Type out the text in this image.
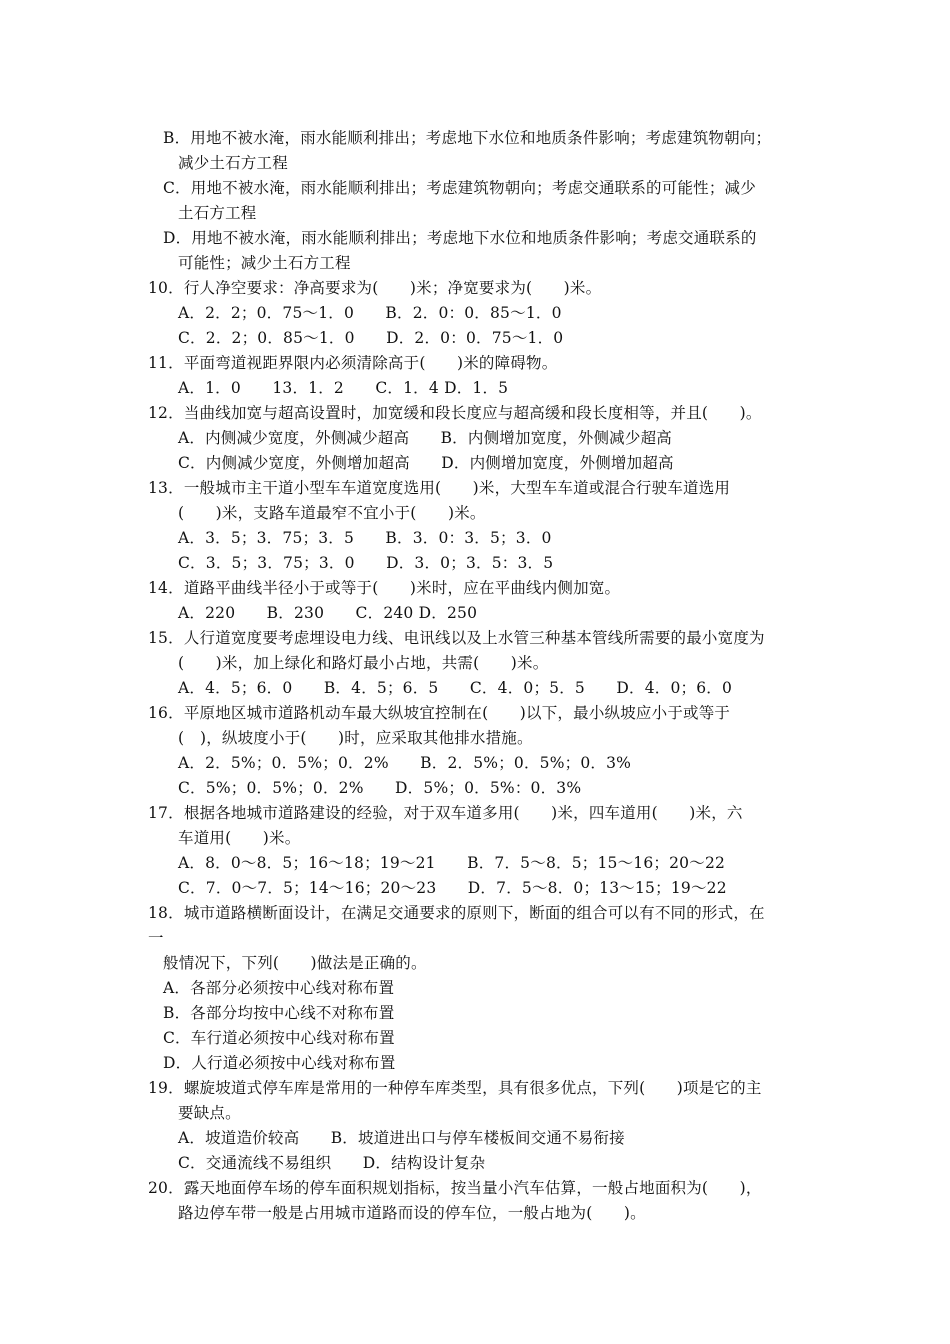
B．用地不被水淹，雨水能顺利排出；考虑地下水位和地质条件影响；考虑建筑物朝向；
减少土石方工程
C．用地不被水淹，雨水能顺利排出；考虑建筑物朝向；考虑交通联系的可能性；减少
土石方工程
D．用地不被水淹，雨水能顺利排出；考虑地下水位和地质条件影响；考虑交通联系的
可能性；减少土石方工程
10．行人净空要求：净高要求为(　　)米；净宽要求为(　　)米。
A．2．2；0．75～1．0　　B．2．0：0．85～1．0
C．2．2；0．85～1．0　　D．2．0：0．75～1．0
11．平面弯道视距界限内必须清除高于(　　)米的障碍物。
A．1．0　　13．1．2　　C．1．4 D．1．5
12．当曲线加宽与超高设置时，加宽缓和段长度应与超高缓和段长度相等，并且(　　)。
A．内侧减少宽度，外侧减少超高　　B．内侧增加宽度，外侧减少超高
C．内侧减少宽度，外侧增加超高　　D．内侧增加宽度，外侧增加超高
13．一般城市主干道小型车车道宽度选用(　　)米，大型车车道或混合行驶车道选用
(　　)米，支路车道最窄不宜小于(　　)米。
A．3．5；3．75；3．5　　B．3．0：3．5；3．0
C．3．5；3．75；3．0　　D．3．0；3．5：3．5
14．道路平曲线半径小于或等于(　　)米时，应在平曲线内侧加宽。
A．220　　B．230　　C．240 D．250
15．人行道宽度要考虑埋设电力线、电讯线以及上水管三种基本管线所需要的最小宽度为
(　　)米，加上绿化和路灯最小占地，共需(　　)米。
A．4．5；6．0　　B．4．5；6．5　　C．4．0；5．5　　D．4．0；6．0
16．平原地区城市道路机动车最大纵坡宜控制在(　　)以下，最小纵坡应小于或等于
(　)，纵坡度小于(　　)时，应采取其他排水措施。
A．2．5%；0．5%；0．2%　　B．2．5%；0．5%；0．3%
C．5%；0．5%；0．2%　　D．5%；0．5%：0．3%
17．根据各地城市道路建设的经验，对于双车道多用(　　)米，四车道用(　　)米，六
车道用(　　)米。
A．8．0～8．5；16～18；19～21　　B．7．5～8．5；15～16；20～22
C．7．0～7．5；14～16；20～23　　D．7．5～8．0；13～15；19～22
18．城市道路横断面设计，在满足交通要求的原则下，断面的组合可以有不同的形式，在
一
般情况下，下列(　　)做法是正确的。
A．各部分必须按中心线对称布置
B．各部分均按中心线不对称布置
C．车行道必须按中心线对称布置
D．人行道必须按中心线对称布置
19．螺旋坡道式停车库是常用的一种停车库类型，具有很多优点，下列(　　)项是它的主
要缺点。
A．坡道造价较高　　B．坡道进出口与停车楼板间交通不易衔接
C．交通流线不易组织　　D．结构设计复杂
20．露天地面停车场的停车面积规划指标，按当量小汽车估算，一般占地面积为(　　)，
路边停车带一般是占用城市道路而设的停车位，一般占地为(　　)。
